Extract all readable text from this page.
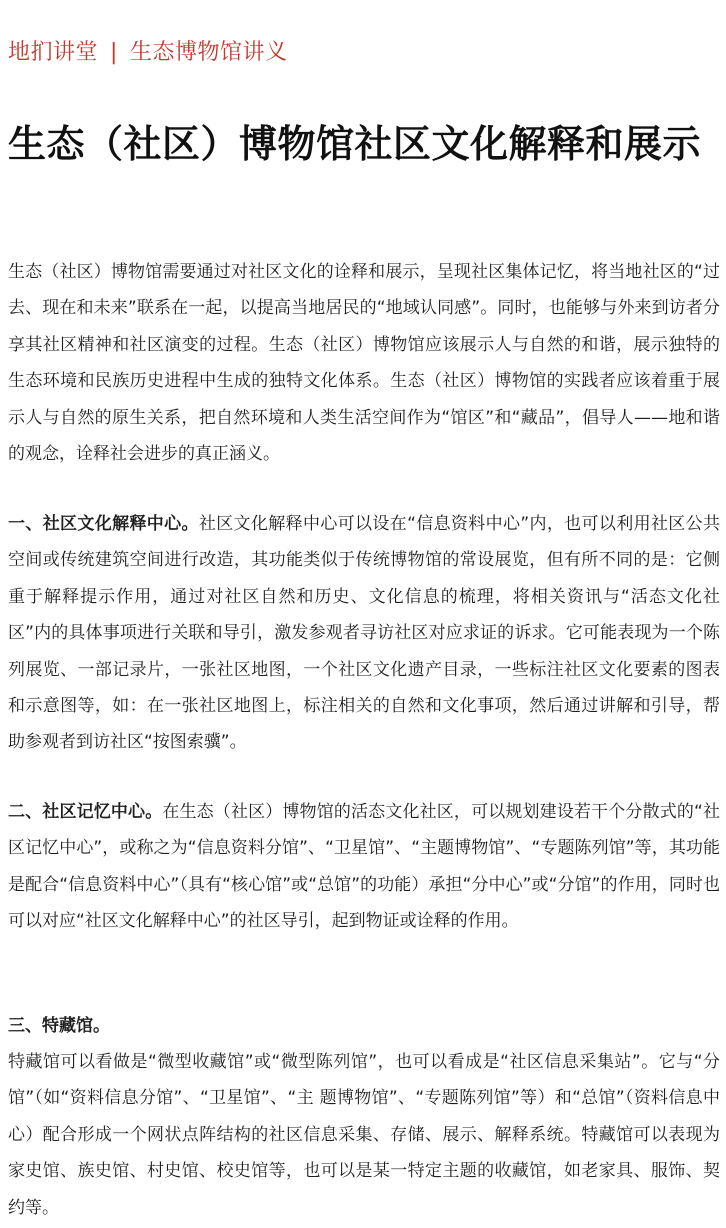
地扪讲堂 | 生态博物馆讲义
生态（社区）博物馆社区文化解释和展示

生态（社区）博物馆需要通过对社区文化的诠释和展示，呈现社区集体记忆，将当地社区的“过去、现在和未来”联系在一起，以提高当地居民的“地域认同感”。同时，也能够与外来到访者分享其社区精神和社区演变的过程。生态（社区）博物馆应该展示人与自然的和谐，展示独特的生态环境和民族历史进程中生成的独特文化体系。生态（社区）博物馆的实践者应该着重于展示人与自然的原生关系，把自然环境和人类生活空间作为“馆区”和“藏品”，倡导人——地和谐的观念，诠释社会进步的真正涵义。

一、社区文化解释中心。社区文化解释中心可以设在“信息资料中心”内，也可以利用社区公共空间或传统建筑空间进行改造，其功能类似于传统博物馆的常设展览，但有所不同的是：它侧重于解释提示作用，通过对社区自然和历史、文化信息的梳理，将相关资讯与“活态文化社区”内的具体事项进行关联和导引，激发参观者寻访社区对应求证的诉求。它可能表现为一个陈列展览、一部记录片，一张社区地图，一个社区文化遗产目录，一些标注社区文化要素的图表和示意图等，如：在一张社区地图上，标注相关的自然和文化事项，然后通过讲解和引导，帮助参观者到访社区“按图索骥”。

二、社区记忆中心。在生态（社区）博物馆的活态文化社区，可以规划建设若干个分散式的“社区记忆中心”，或称之为“信息资料分馆”、“卫星馆”、“主题博物馆”、“专题陈列馆”等，其功能是配合“信息资料中心”（具有“核心馆”或“总馆”的功能）承担“分中心”或“分馆”的作用，同时也可以对应“社区文化解释中心”的社区导引，起到物证或诠释的作用。

三、特藏馆。

特藏馆可以看做是“微型收藏馆”或“微型陈列馆”，也可以看成是“社区信息采集站”。它与“分馆”（如“资料信息分馆”、“卫星馆”、“主 题博物馆”、“专题陈列馆”等）和“总馆”（资料信息中心）配合形成一个网状点阵结构的社区信息采集、存储、展示、解释系统。特藏馆可以表现为家史馆、族史馆、村史馆、校史馆等，也可以是某一特定主题的收藏馆，如老家具、服饰、契约等。
